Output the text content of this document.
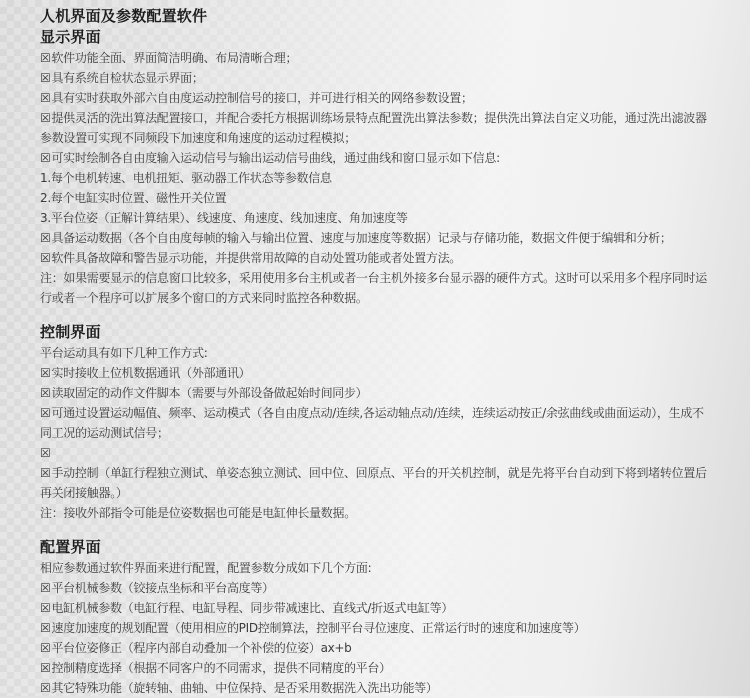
人机界面及参数配置软件
显示界面

☒软件功能全面、界面简洁明确、布局清晰合理；

☒具有系统自检状态显示界面；

☒具有实时获取外部六自由度运动控制信号的接口，并可进行相关的网络参数设置；

☒提供灵活的洗出算法配置接口，并配合委托方根据训练场景特点配置洗出算法参数；提供洗出算法自定义功能，通过洗出滤波器参数设置可实现不同频段下加速度和角速度的运动过程模拟；

☒可实时绘制各自由度输入运动信号与输出运动信号曲线，通过曲线和窗口显示如下信息:

1.每个电机转速、电机扭矩、驱动器工作状态等参数信息

2.每个电缸实时位置、磁性开关位置

3.平台位姿（正解计算结果）、线速度、角速度、线加速度、角加速度等

☒具备运动数据（各个自由度每帧的输入与输出位置、速度与加速度等数据）记录与存储功能，数据文件便于编辑和分析；

☒软件具备故障和警告显示功能，并提供常用故障的自动处置功能或者处置方法。

注：如果需要显示的信息窗口比较多，采用使用多台主机或者一台主机外接多台显示器的硬件方式。这时可以采用多个程序同时运行或者一个程序可以扩展多个窗口的方式来同时监控各种数据。

控制界面

平台运动具有如下几种工作方式:

☒实时接收上位机数据通讯（外部通讯）

☒读取固定的动作文件脚本（需要与外部设备做起始时间同步）

☒可通过设置运动幅值、频率、运动模式（各自由度点动/连续,各运动轴点动/连续，连续运动按正/余弦曲线或曲面运动），生成不同工况的运动测试信号；

☒

☒手动控制（单缸行程独立测试、单姿态独立测试、回中位、回原点、平台的开关机控制，就是先将平台自动到下将到堵转位置后再关闭接触器。）

注：接收外部指令可能是位姿数据也可能是电缸伸长量数据。

配置界面

相应参数通过软件界面来进行配置，配置参数分成如下几个方面:

☒平台机械参数（铰接点坐标和平台高度等）

☒电缸机械参数（电缸行程、电缸导程、同步带减速比、直线式/折返式电缸等）

☒速度加速度的规划配置（使用相应的PID控制算法，控制平台寻位速度、正常运行时的速度和加速度等）

☒平台位姿修正（程序内部自动叠加一个补偿的位姿）ax+b

☒控制精度选择（根据不同客户的不同需求，提供不同精度的平台）

☒其它特殊功能（旋转轴、曲轴、中位保持、是否采用数据洗入洗出功能等）
